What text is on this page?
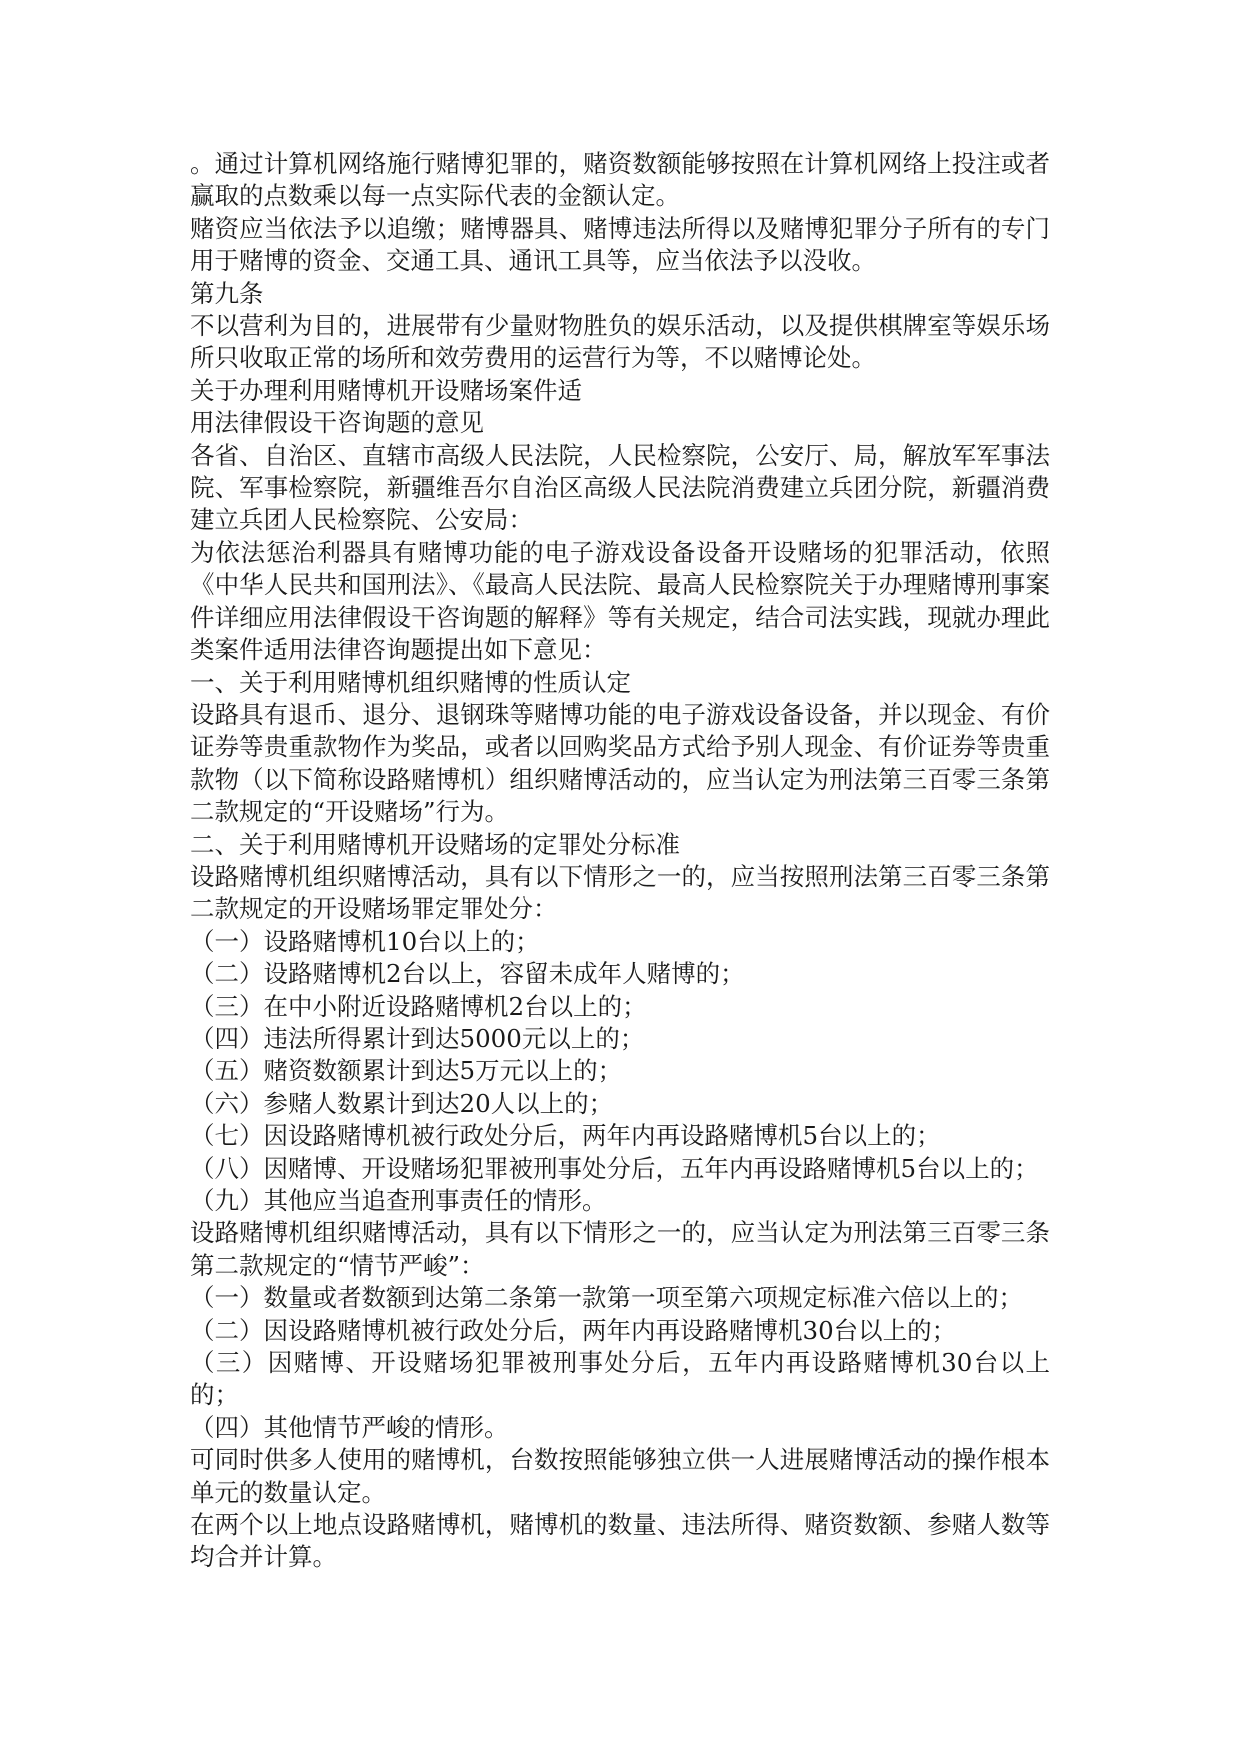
。通过计算机网络施行赌博犯罪的，赌资数额能够按照在计算机网络上投注或者赢取的点数乘以每一点实际代表的金额认定。

赌资应当依法予以追缴；赌博器具、赌博违法所得以及赌博犯罪分子所有的专门用于赌博的资金、交通工具、通讯工具等，应当依法予以没收。

第九条

不以营利为目的，进展带有少量财物胜负的娱乐活动，以及提供棋牌室等娱乐场所只收取正常的场所和效劳费用的运营行为等，不以赌博论处。

关于办理利用赌博机开设赌场案件适

用法律假设干咨询题的意见

各省、自治区、直辖市高级人民法院，人民检察院，公安厅、局，解放军军事法院、军事检察院，新疆维吾尔自治区高级人民法院消费建立兵团分院，新疆消费建立兵团人民检察院、公安局：

为依法惩治利器具有赌博功能的电子游戏设备设备开设赌场的犯罪活动，依照《中华人民共和国刑法》、《最高人民法院、最高人民检察院关于办理赌博刑事案件详细应用法律假设干咨询题的解释》等有关规定，结合司法实践，现就办理此类案件适用法律咨询题提出如下意见：

一、关于利用赌博机组织赌博的性质认定

设路具有退币、退分、退钢珠等赌博功能的电子游戏设备设备，并以现金、有价证券等贵重款物作为奖品，或者以回购奖品方式给予别人现金、有价证券等贵重款物（以下简称设路赌博机）组织赌博活动的，应当认定为刑法第三百零三条第二款规定的“开设赌场”行为。

二、关于利用赌博机开设赌场的定罪处分标准

设路赌博机组织赌博活动，具有以下情形之一的，应当按照刑法第三百零三条第二款规定的开设赌场罪定罪处分：

（一）设路赌博机10台以上的；

（二）设路赌博机2台以上，容留未成年人赌博的；

（三）在中小附近设路赌博机2台以上的；

（四）违法所得累计到达5000元以上的；

（五）赌资数额累计到达5万元以上的；

（六）参赌人数累计到达20人以上的；

（七）因设路赌博机被行政处分后，两年内再设路赌博机5台以上的；

（八）因赌博、开设赌场犯罪被刑事处分后，五年内再设路赌博机5台以上的；

（九）其他应当追查刑事责任的情形。

设路赌博机组织赌博活动，具有以下情形之一的，应当认定为刑法第三百零三条第二款规定的“情节严峻”：

（一）数量或者数额到达第二条第一款第一项至第六项规定标准六倍以上的；

（二）因设路赌博机被行政处分后，两年内再设路赌博机30台以上的；

（三）因赌博、开设赌场犯罪被刑事处分后，五年内再设路赌博机30台以上的；

（四）其他情节严峻的情形。

可同时供多人使用的赌博机，台数按照能够独立供一人进展赌博活动的操作根本单元的数量认定。

在两个以上地点设路赌博机，赌博机的数量、违法所得、赌资数额、参赌人数等均合并计算。
